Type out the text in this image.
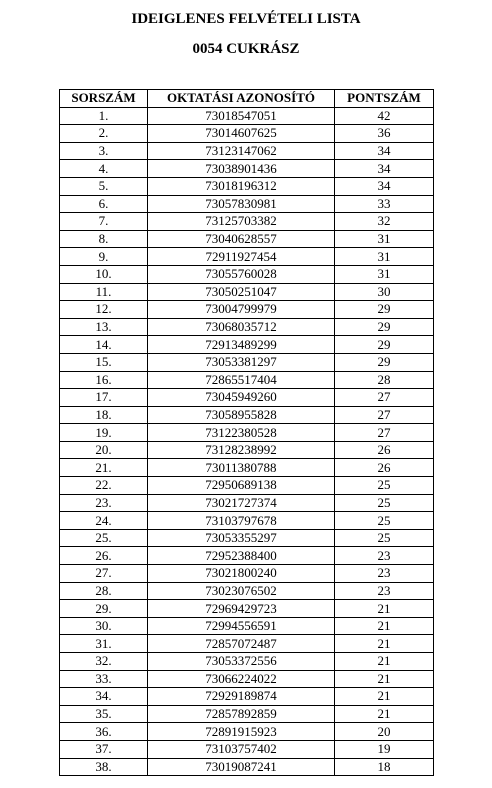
IDEIGLENES FELVÉTELI LISTA
0054 CUKRÁSZ
SORSZÁM	OKTATÁSI AZONOSÍTÓ	PONTSZÁM
1.	73018547051	42
2.	73014607625	36
3.	73123147062	34
4.	73038901436	34
5.	73018196312	34
6.	73057830981	33
7.	73125703382	32
8.	73040628557	31
9.	72911927454	31
10.	73055760028	31
11.	73050251047	30
12.	73004799979	29
13.	73068035712	29
14.	72913489299	29
15.	73053381297	29
16.	72865517404	28
17.	73045949260	27
18.	73058955828	27
19.	73122380528	27
20.	73128238992	26
21.	73011380788	26
22.	72950689138	25
23.	73021727374	25
24.	73103797678	25
25.	73053355297	25
26.	72952388400	23
27.	73021800240	23
28.	73023076502	23
29.	72969429723	21
30.	72994556591	21
31.	72857072487	21
32.	73053372556	21
33.	73066224022	21
34.	72929189874	21
35.	72857892859	21
36.	72891915923	20
37.	73103757402	19
38.	73019087241	18
